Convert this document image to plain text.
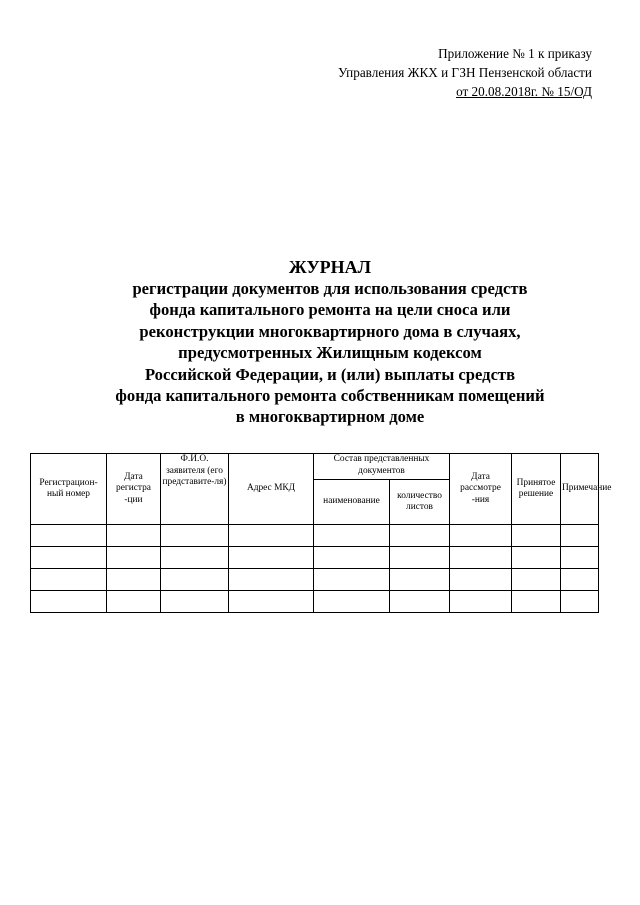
Приложение № 1 к приказу
Управления ЖКХ и ГЗН Пензенской области
от 20.08.2018г. № 15/ОД
ЖУРНАЛ
регистрации документов для использования средств
фонда капитального ремонта на цели сноса или
реконструкции многоквартирного дома в случаях,
предусмотренных Жилищным кодексом
Российской Федерации, и (или) выплаты средств
фонда капитального ремонта собственникам помещений
в многоквартирном доме
Регистрацион-ный номер	Дата регистра -ции	Ф.И.О. заявителя (его представите-ля)	Адрес МКД	Состав представленных документов		Дата рассмотре -ния	Принятое решение	Примечание
				наименование	количество листов			
